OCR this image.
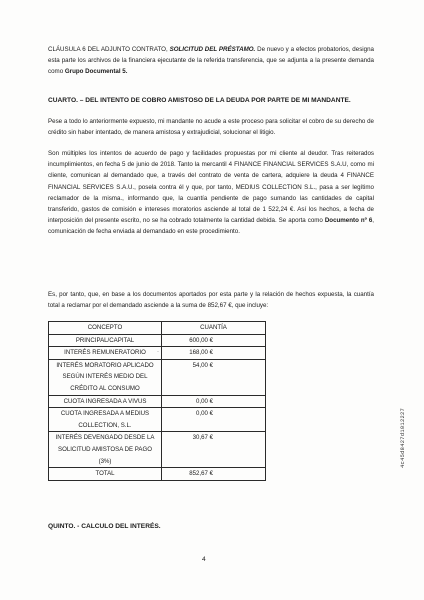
CLÁUSULA 6 DEL ADJUNTO CONTRATO, SOLICITUD DEL PRÉSTAMO. De nuevo y a efectos probatorios, designa esta parte los archivos de la financiera ejecutante de la referida transferencia, que se adjunta a la presente demanda como Grupo Documental 5.

CUARTO. – DEL INTENTO DE COBRO AMISTOSO DE LA DEUDA POR PARTE DE MI MANDANTE.

Pese a todo lo anteriormente expuesto, mi mandante no acude a este proceso para solicitar el cobro de su derecho de crédito sin haber intentado, de manera amistosa y extrajudicial, solucionar el litigio.

Son múltiples los intentos de acuerdo de pago y facilidades propuestas por mi cliente al deudor. Tras reiterados incumplimientos, en fecha 5 de junio de 2018. Tanto la mercantil 4 FINANCE FINANCIAL SERVICES S.A.U, como mi cliente, comunican al demandado que, a través del contrato de venta de cartera, adquiere la deuda 4 FINANCE FINANCIAL SERVICES S.A.U., posela contra él y que, por tanto, MEDIUS COLLECTION S.L., pasa a ser legítimo reclamador de la misma., informando que, la cuantía pendiente de pago sumando las cantidades de capital transferido, gastos de comisión e intereses moratorios asciende al total de 1 522,24 €. Así los hechos, a fecha de interposición del presente escrito, no se ha cobrado totalmente la cantidad debida. Se aporta como Documento nº 6, comunicación de fecha enviada al demandado en este procedimiento.

Es, por tanto, que, en base a los documentos aportados por esta parte y la relación de hechos expuesta, la cuantía total a reclamar por el demandado asciende a la suma de 852,67 €, que incluye:

CONCEPTO	CUANTÍA
PRINCIPAL/CAPITAL	600,00 €
INTERÉS REMUNERATORIO	168,00 €
INTERÉS MORATORIO APLICADO SEGÚN INTERÉS MEDIO DEL CRÉDITO AL CONSUMO	54,00 €
CUOTA INGRESADA A VIVUS	0,00 €
CUOTA INGRESADA A MEDIUS COLLECTION, S.L.	0,00 €
INTERÉS DEVENGADO DESDE LA SOLICITUD AMISTOSA DE PAGO (3%)	30,67 €
TOTAL	852,67 €
·

QUINTO. - CALCULO DEL INTERÉS.

4
4c45d8427d1012227
